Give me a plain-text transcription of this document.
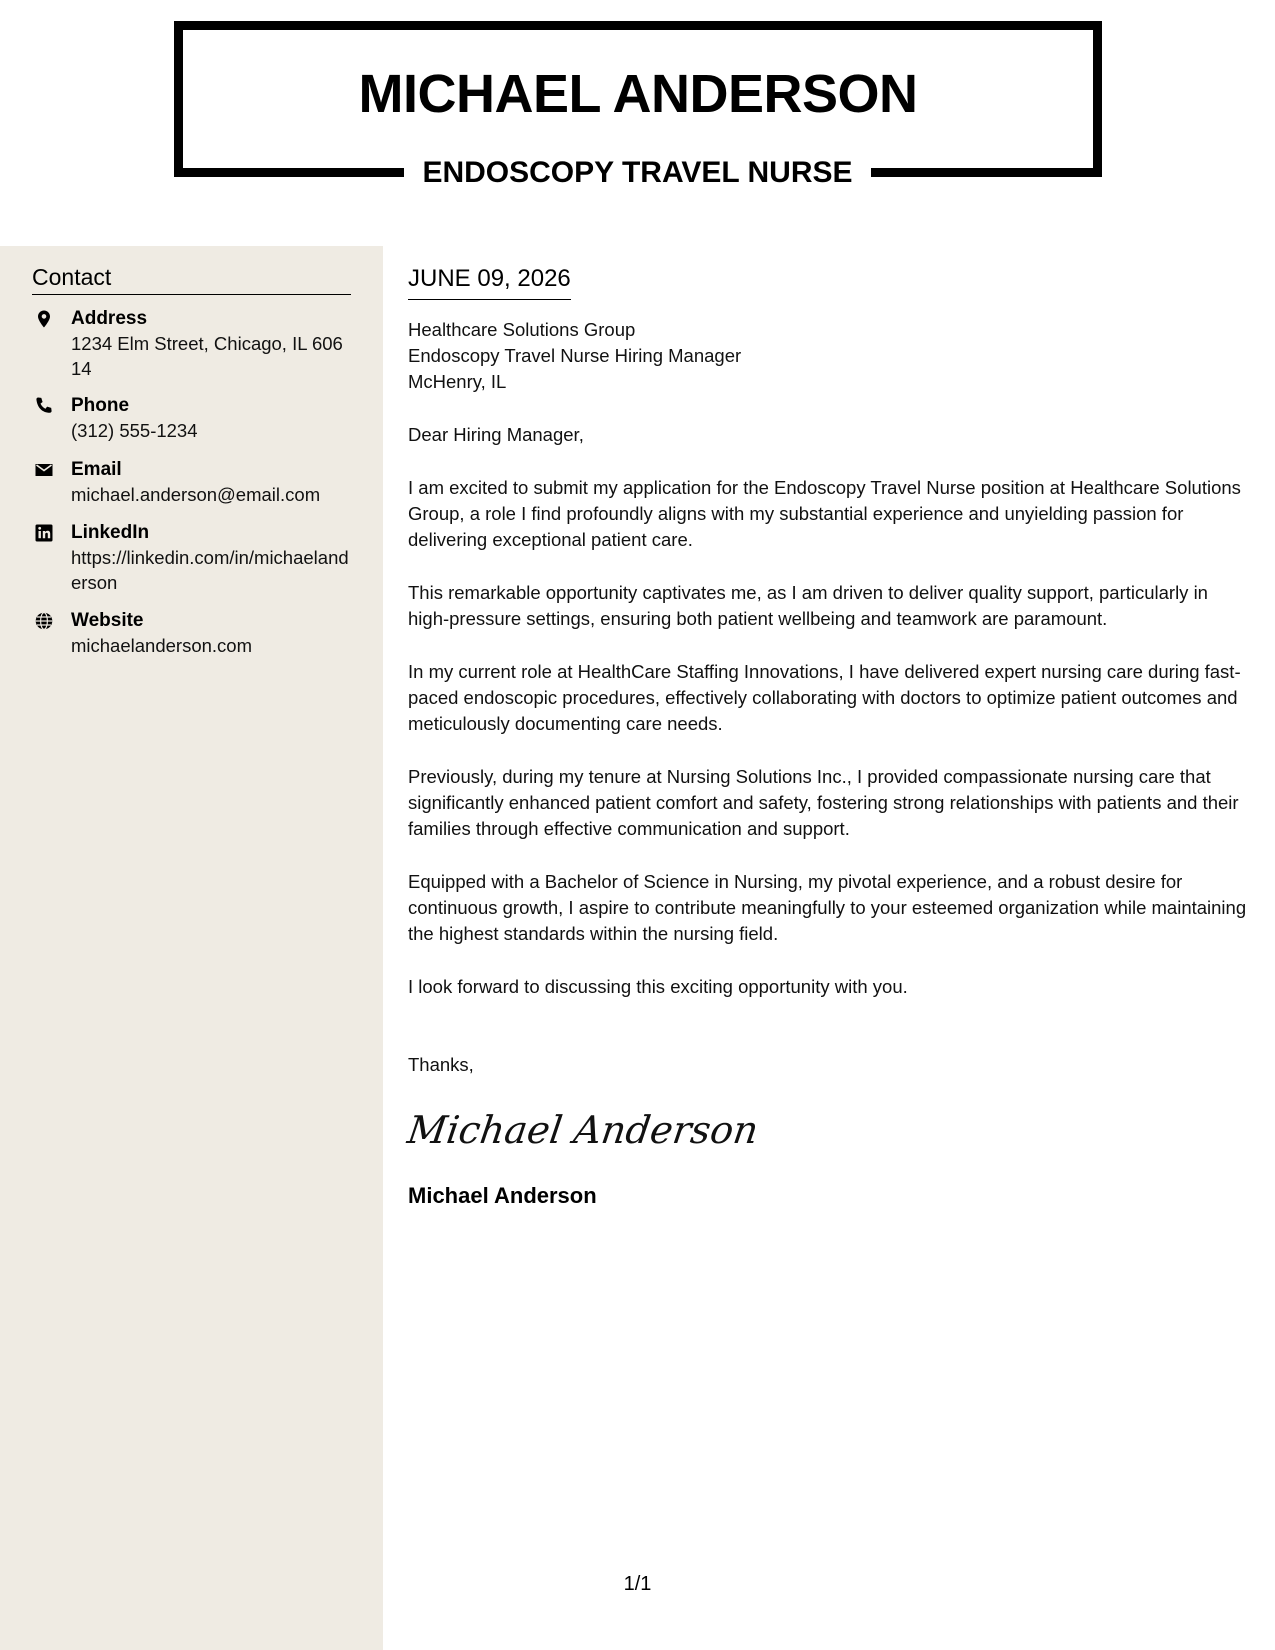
MICHAEL ANDERSON
ENDOSCOPY TRAVEL NURSE
Contact
Address
1234 Elm Street, Chicago, IL 60614
Phone
(312) 555-1234
Email
michael.anderson@email.com
LinkedIn
https://linkedin.com/in/michaelanderson
Website
michaelanderson.com
JUNE 09, 2026
Healthcare Solutions Group
Endoscopy Travel Nurse Hiring Manager
McHenry, IL
Dear Hiring Manager,

I am excited to submit my application for the Endoscopy Travel Nurse position at Healthcare Solutions Group, a role I find profoundly aligns with my substantial experience and unyielding passion for delivering exceptional patient care.

This remarkable opportunity captivates me, as I am driven to deliver quality support, particularly in high-pressure settings, ensuring both patient wellbeing and teamwork are paramount.

In my current role at HealthCare Staffing Innovations, I have delivered expert nursing care during fast-paced endoscopic procedures, effectively collaborating with doctors to optimize patient outcomes and meticulously documenting care needs.

Previously, during my tenure at Nursing Solutions Inc., I provided compassionate nursing care that significantly enhanced patient comfort and safety, fostering strong relationships with patients and their families through effective communication and support.

Equipped with a Bachelor of Science in Nursing, my pivotal experience, and a robust desire for continuous growth, I aspire to contribute meaningfully to your esteemed organization while maintaining the highest standards within the nursing field.

I look forward to discussing this exciting opportunity with you.

Thanks,
Michael Anderson
Michael Anderson
1/1
